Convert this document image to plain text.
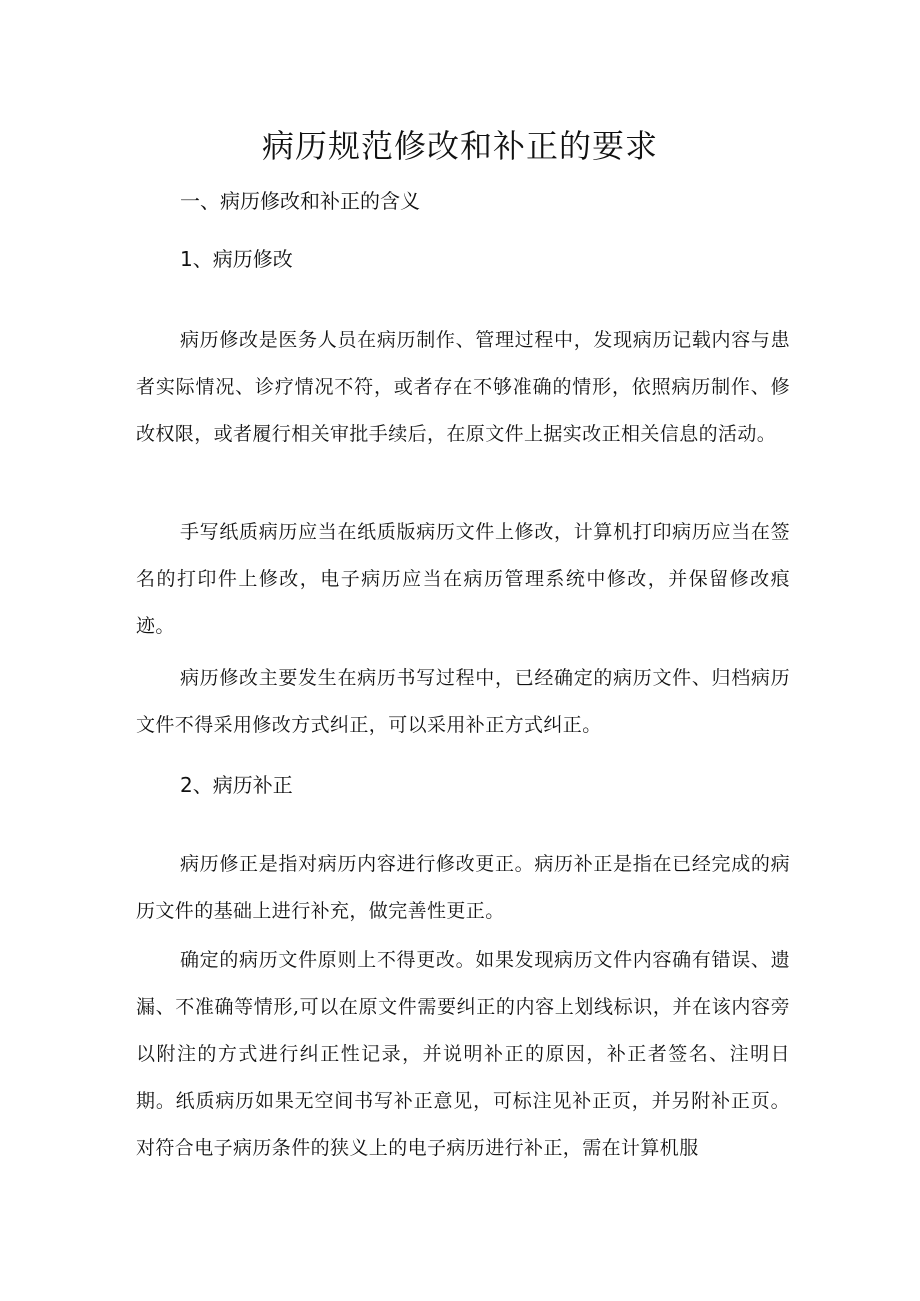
病历规范修改和补正的要求
一、病历修改和补正的含义
1、病历修改

病历修改是医务人员在病历制作、管理过程中，发现病历记载内容与患者实际情况、诊疗情况不符，或者存在不够准确的情形，依照病历制作、修改权限，或者履行相关审批手续后，在原文件上据实改正相关信息的活动。

手写纸质病历应当在纸质版病历文件上修改，计算机打印病历应当在签名的打印件上修改，电子病历应当在病历管理系统中修改，并保留修改痕迹。

病历修改主要发生在病历书写过程中，已经确定的病历文件、归档病历文件不得采用修改方式纠正，可以采用补正方式纠正。

2、病历补正

病历修正是指对病历内容进行修改更正。病历补正是指在已经完成的病历文件的基础上进行补充，做完善性更正。

确定的病历文件原则上不得更改。如果发现病历文件内容确有错误、遗漏、不准确等情形,可以在原文件需要纠正的内容上划线标识，并在该内容旁以附注的方式进行纠正性记录，并说明补正的原因，补正者签名、注明日期。纸质病历如果无空间书写补正意见，可标注见补正页，并另附补正页。对符合电子病历条件的狭义上的电子病历进行补正，需在计算机服
